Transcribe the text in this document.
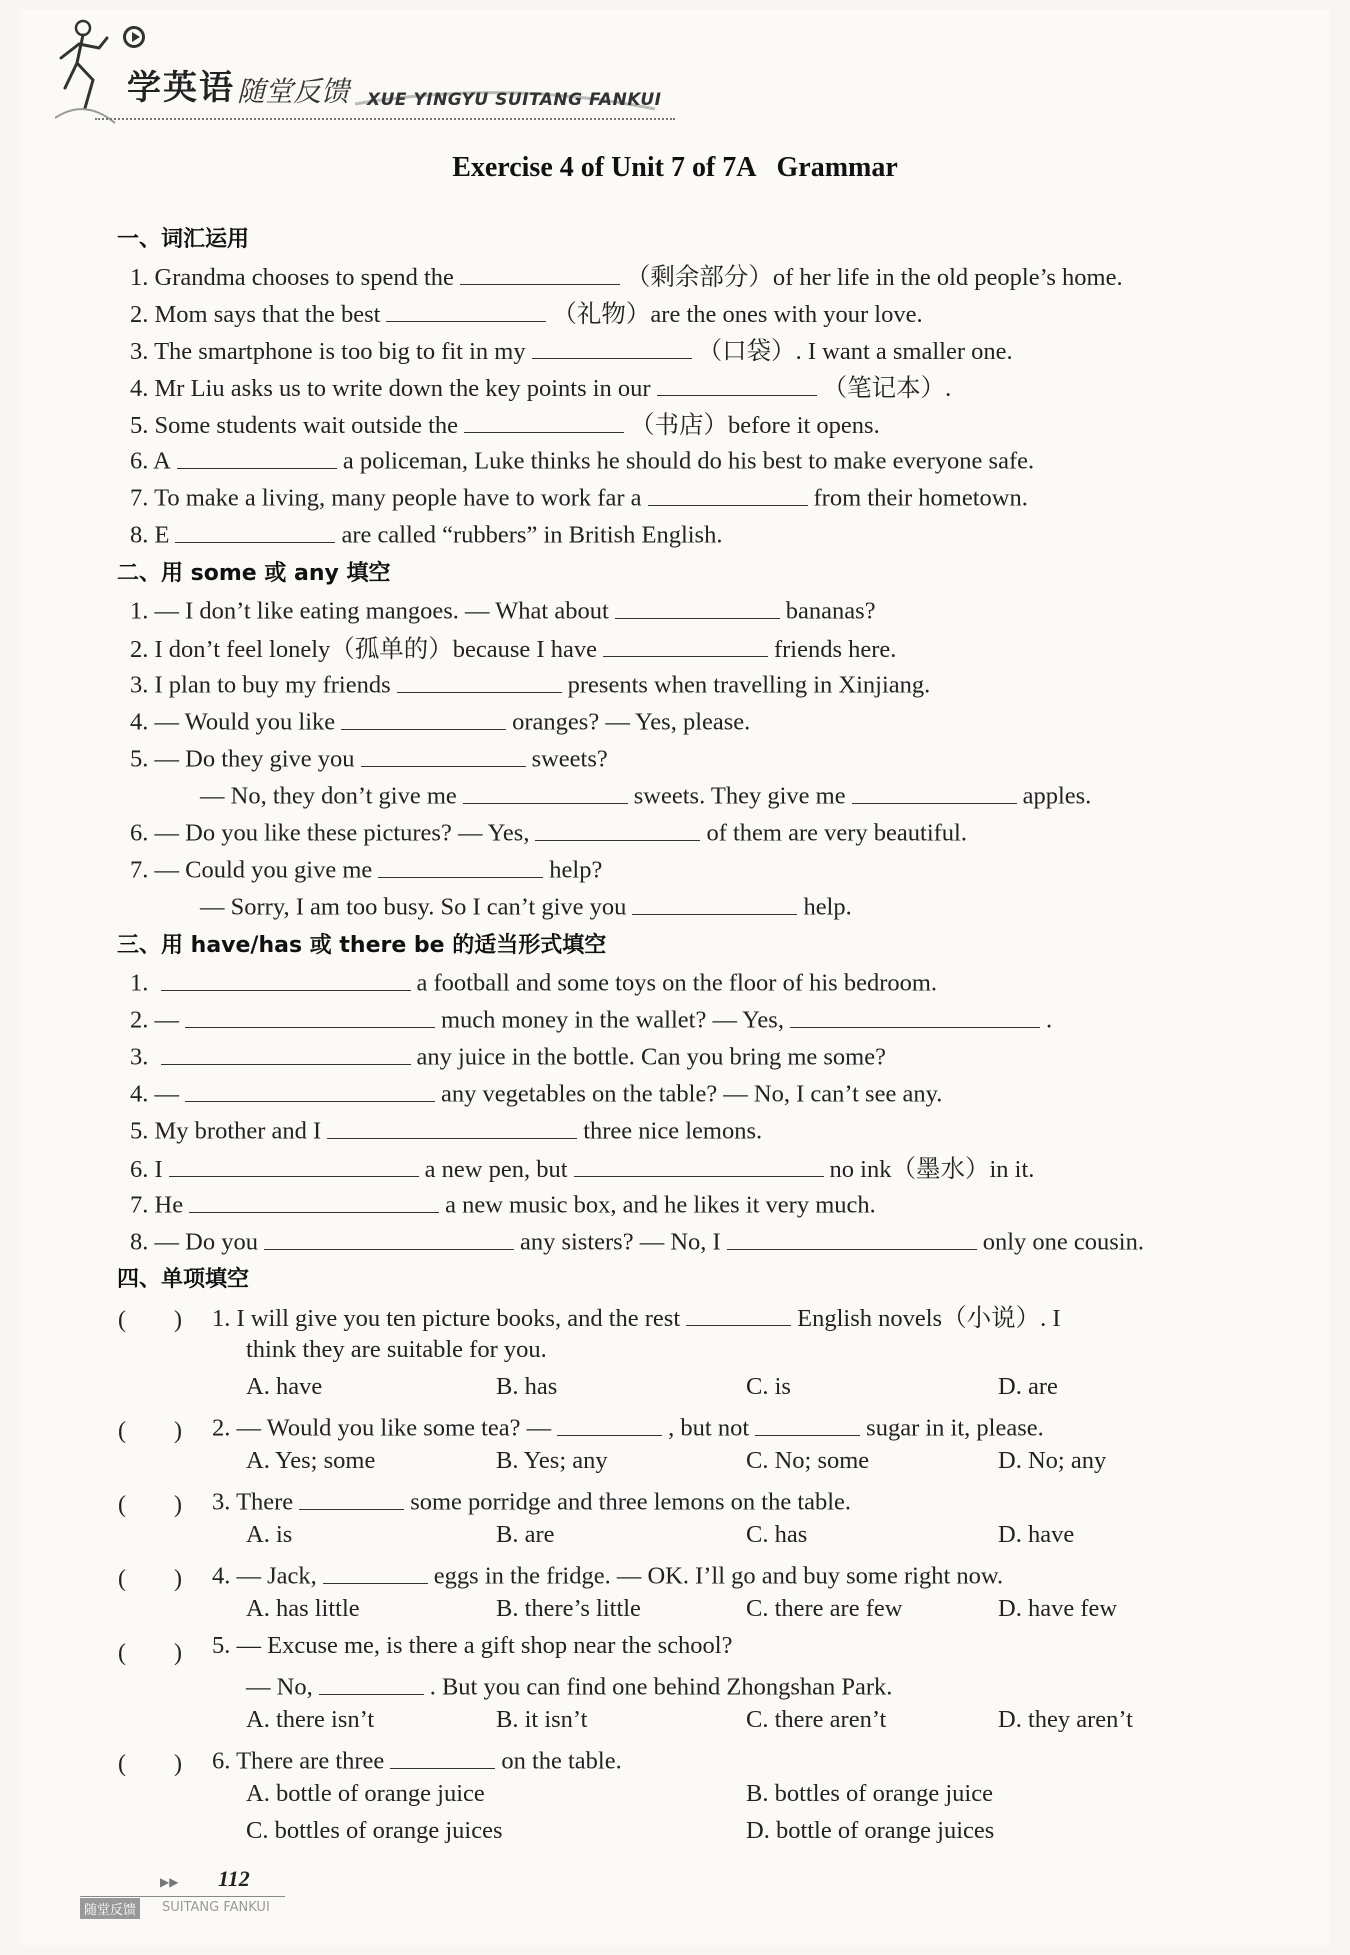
学英语 随堂反馈 XUE YINGYU SUITANG FANKUI
Exercise 4 of Unit 7 of 7A Grammar
一、词汇运用
1. Grandma chooses to spend the	（剩余部分）of her life in the old people’s home.
2. Mom says that the best	（礼物）are the ones with your love.
3. The smartphone is too big to fit in my	（口袋）. I want a smaller one.
4. Mr Liu asks us to write down the key points in our	（笔记本）.
5. Some students wait outside the	（书店）before it opens.
6. A	a policeman, Luke thinks he should do his best to make everyone safe.
7. To make a living, many people have to work far a	from their hometown.
8. E	are called “rubbers” in British English.
二、用 some 或 any 填空
1. — I don’t like eating mangoes. — What about	bananas?
2. I don’t feel lonely（孤单的）because I have	friends here.
3. I plan to buy my friends	presents when travelling in Xinjiang.
4. — Would you like	oranges? — Yes, please.
5. — Do they give you	sweets?
— No, they don’t give me	sweets. They give me	apples.
6. — Do you like these pictures? — Yes,	of them are very beautiful.
7. — Could you give me	help?
— Sorry, I am too busy. So I can’t give you	help.
三、用 have/has 或 there be 的适当形式填空
1.	a football and some toys on the floor of his bedroom.
2. —	much money in the wallet? — Yes,	.
3.	any juice in the bottle. Can you bring me some?
4. —	any vegetables on the table? — No, I can’t see any.
5. My brother and I	three nice lemons.
6. I	a new pen, but	no ink（墨水）in it.
7. He	a new music box, and he likes it very much.
8. — Do you	any sisters? — No, I	only one cousin.
四、单项填空
(　　) 1. I will give you ten picture books, and the rest	English novels（小说）. I
think they are suitable for you.
A. have	B. has	C. is	D. are
(　　) 2. — Would you like some tea? —	, but not	sugar in it, please.
A. Yes; some	B. Yes; any	C. No; some	D. No; any
(　　) 3. There	some porridge and three lemons on the table.
A. is	B. are	C. has	D. have
(　　) 4. — Jack,	eggs in the fridge. — OK. I’ll go and buy some right now.
A. has little	B. there’s little	C. there are few	D. have few
(　　) 5. — Excuse me, is there a gift shop near the school?
— No,	. But you can find one behind Zhongshan Park.
A. there isn’t	B. it isn’t	C. there aren’t	D. they aren’t
(　　) 6. There are three	on the table.
A. bottle of orange juice	B. bottles of orange juice
C. bottles of orange juices	D. bottle of orange juices
▶▶ 112
随堂反馈	SUITANG FANKUI
